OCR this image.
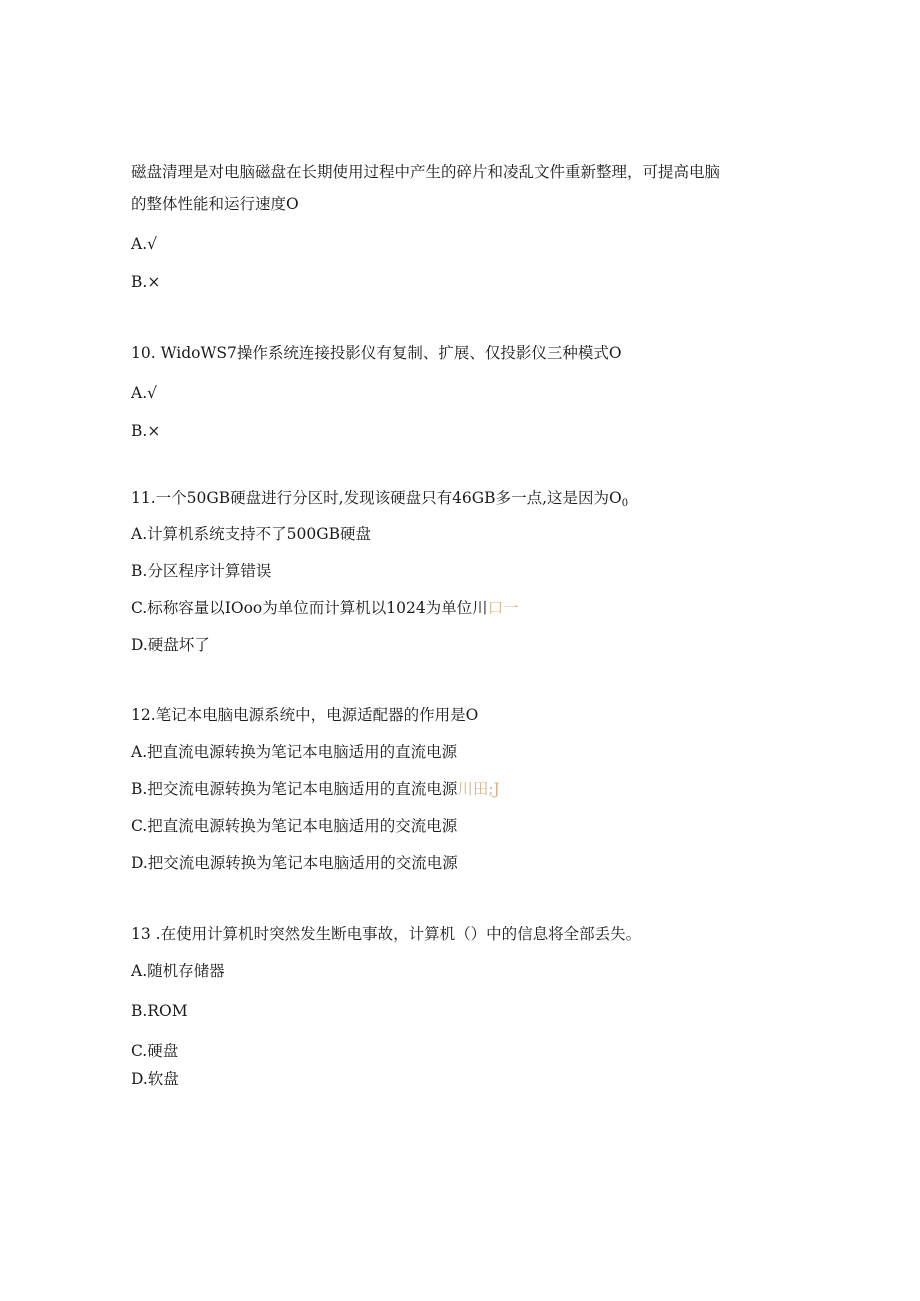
磁盘清理是对电脑磁盘在长期使用过程中产生的碎片和凌乱文件重新整理，可提高电脑

的整体性能和运行速度O

A.√

B.×

10. WidoWS7操作系统连接投影仪有复制、扩展、仅投影仪三种模式O

A.√

B.×

11.一个50GB硬盘进行分区时,发现该硬盘只有46GB多一点,这是因为$O_0$

A.计算机系统支持不了500GB硬盘

B.分区程序计算错误

C.标称容量以IOoo为单位而计算机以1024为单位川口一

D.硬盘坏了

12.笔记本电脑电源系统中，电源适配器的作用是O

A.把直流电源转换为笔记本电脑适用的直流电源

B.把交流电源转换为笔记本电脑适用的直流电源川田;J

C.把直流电源转换为笔记本电脑适用的交流电源

D.把交流电源转换为笔记本电脑适用的交流电源

13 .在使用计算机时突然发生断电事故，计算机（）中的信息将全部丢失。

A.随机存储器

B.ROM

C.硬盘

D.软盘
